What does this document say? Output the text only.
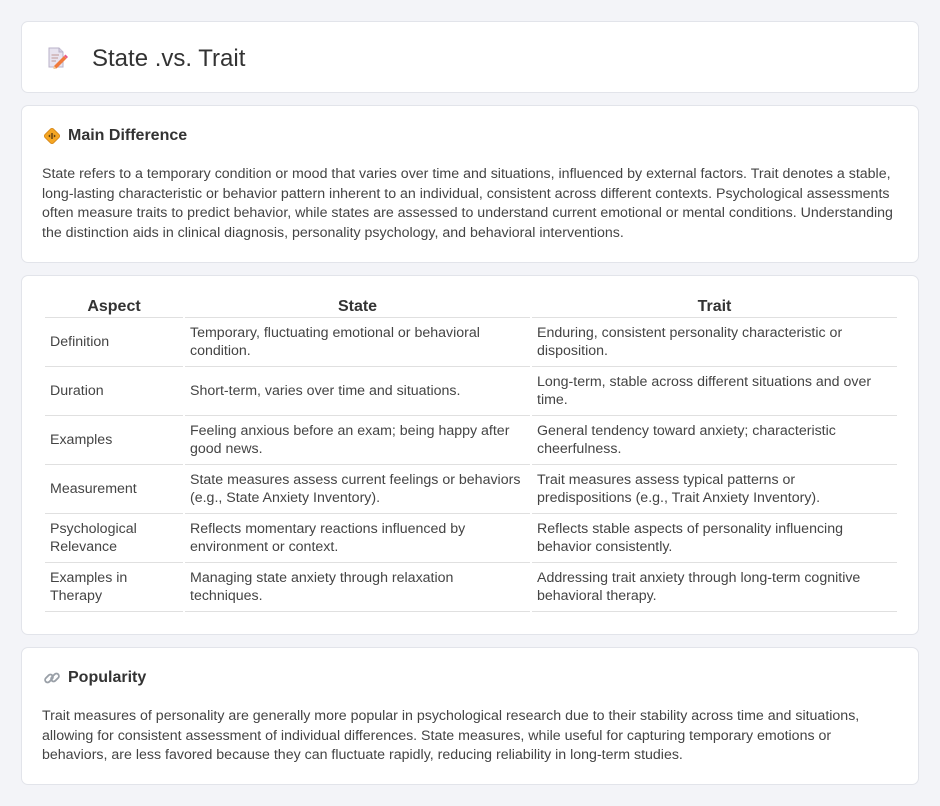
State .vs. Trait
Main Difference

State refers to a temporary condition or mood that varies over time and situations, influenced by external factors. Trait denotes a stable, long-lasting characteristic or behavior pattern inherent to an individual, consistent across different contexts. Psychological assessments often measure traits to predict behavior, while states are assessed to understand current emotional or mental conditions. Understanding the distinction aids in clinical diagnosis, personality psychology, and behavioral interventions.

Aspect	State	Trait
Definition	Temporary, fluctuating emotional or behavioral condition.	Enduring, consistent personality characteristic or disposition.
Duration	Short-term, varies over time and situations.	Long-term, stable across different situations and over time.
Examples	Feeling anxious before an exam; being happy after good news.	General tendency toward anxiety; characteristic cheerfulness.
Measurement	State measures assess current feelings or behaviors (e.g., State Anxiety Inventory).	Trait measures assess typical patterns or predispositions (e.g., Trait Anxiety Inventory).
Psychological Relevance	Reflects momentary reactions influenced by environment or context.	Reflects stable aspects of personality influencing behavior consistently.
Examples in Therapy	Managing state anxiety through relaxation techniques.	Addressing trait anxiety through long-term cognitive behavioral therapy.
Popularity

Trait measures of personality are generally more popular in psychological research due to their stability across time and situations, allowing for consistent assessment of individual differences. State measures, while useful for capturing temporary emotions or behaviors, are less favored because they can fluctuate rapidly, reducing reliability in long-term studies.
